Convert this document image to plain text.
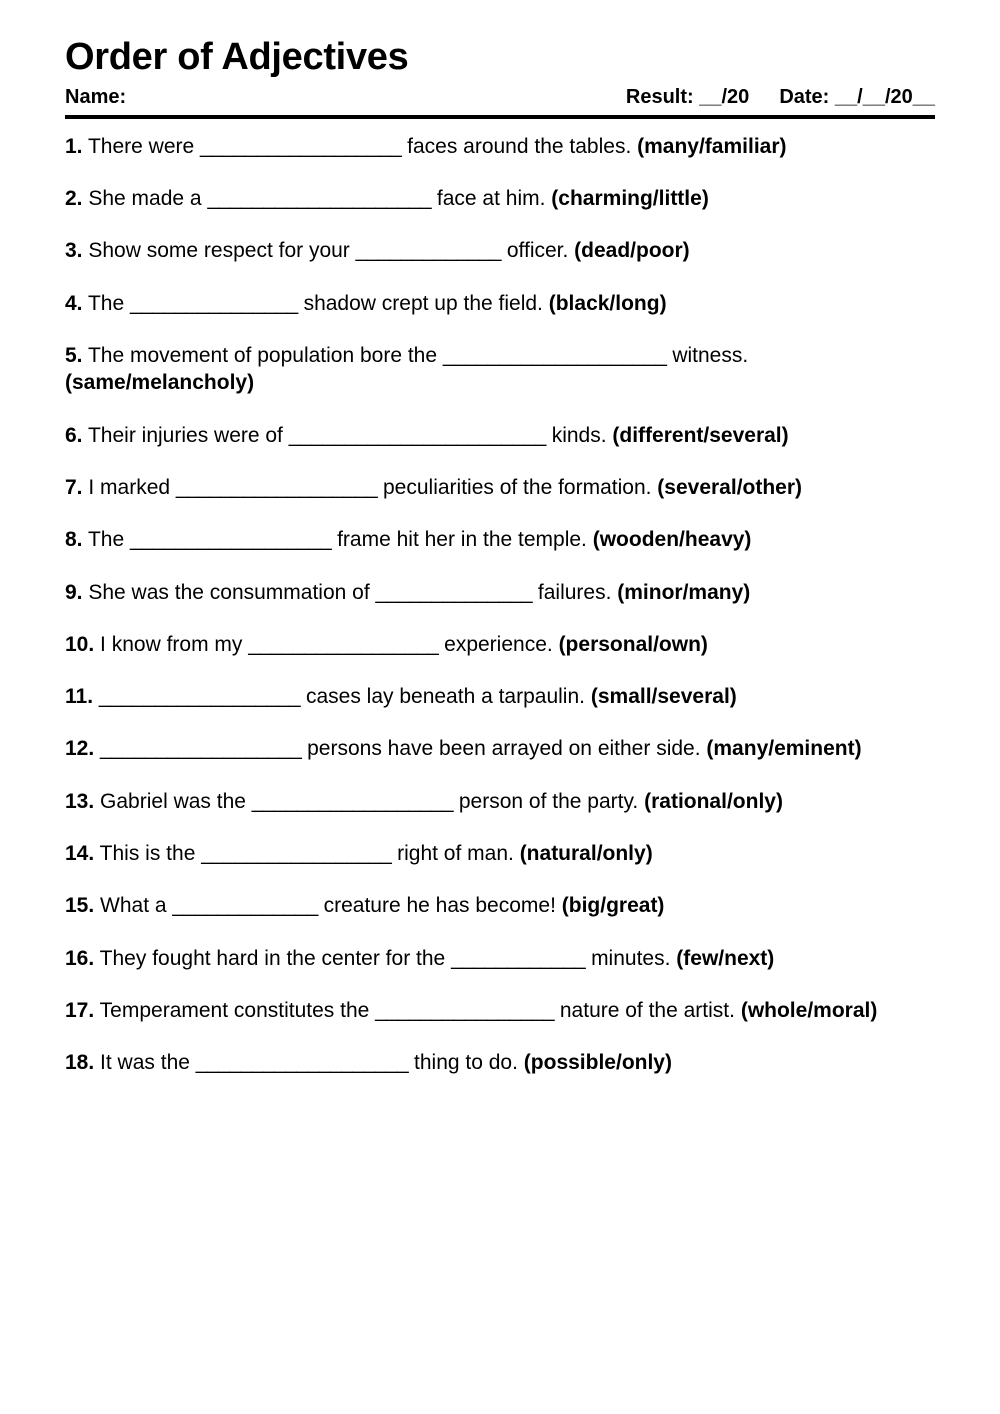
Order of Adjectives
Name:	Result: __/20 Date: __/__/20__
1. There were __________________ faces around the tables. (many/familiar)
2. She made a ____________________ face at him. (charming/little)
3. Show some respect for your _____________ officer. (dead/poor)
4. The _______________ shadow crept up the field. (black/long)
5. The movement of population bore the ____________________ witness. (same/melancholy)
6. Their injuries were of _______________________ kinds. (different/several)
7. I marked __________________ peculiarities of the formation. (several/other)
8. The __________________ frame hit her in the temple. (wooden/heavy)
9. She was the consummation of ______________ failures. (minor/many)
10. I know from my _________________ experience. (personal/own)
11. __________________ cases lay beneath a tarpaulin. (small/several)
12. __________________ persons have been arrayed on either side. (many/eminent)
13. Gabriel was the __________________ person of the party. (rational/only)
14. This is the _________________ right of man. (natural/only)
15. What a _____________ creature he has become! (big/great)
16. They fought hard in the center for the ____________ minutes. (few/next)
17. Temperament constitutes the ________________ nature of the artist. (whole/moral)
18. It was the ___________________ thing to do. (possible/only)
